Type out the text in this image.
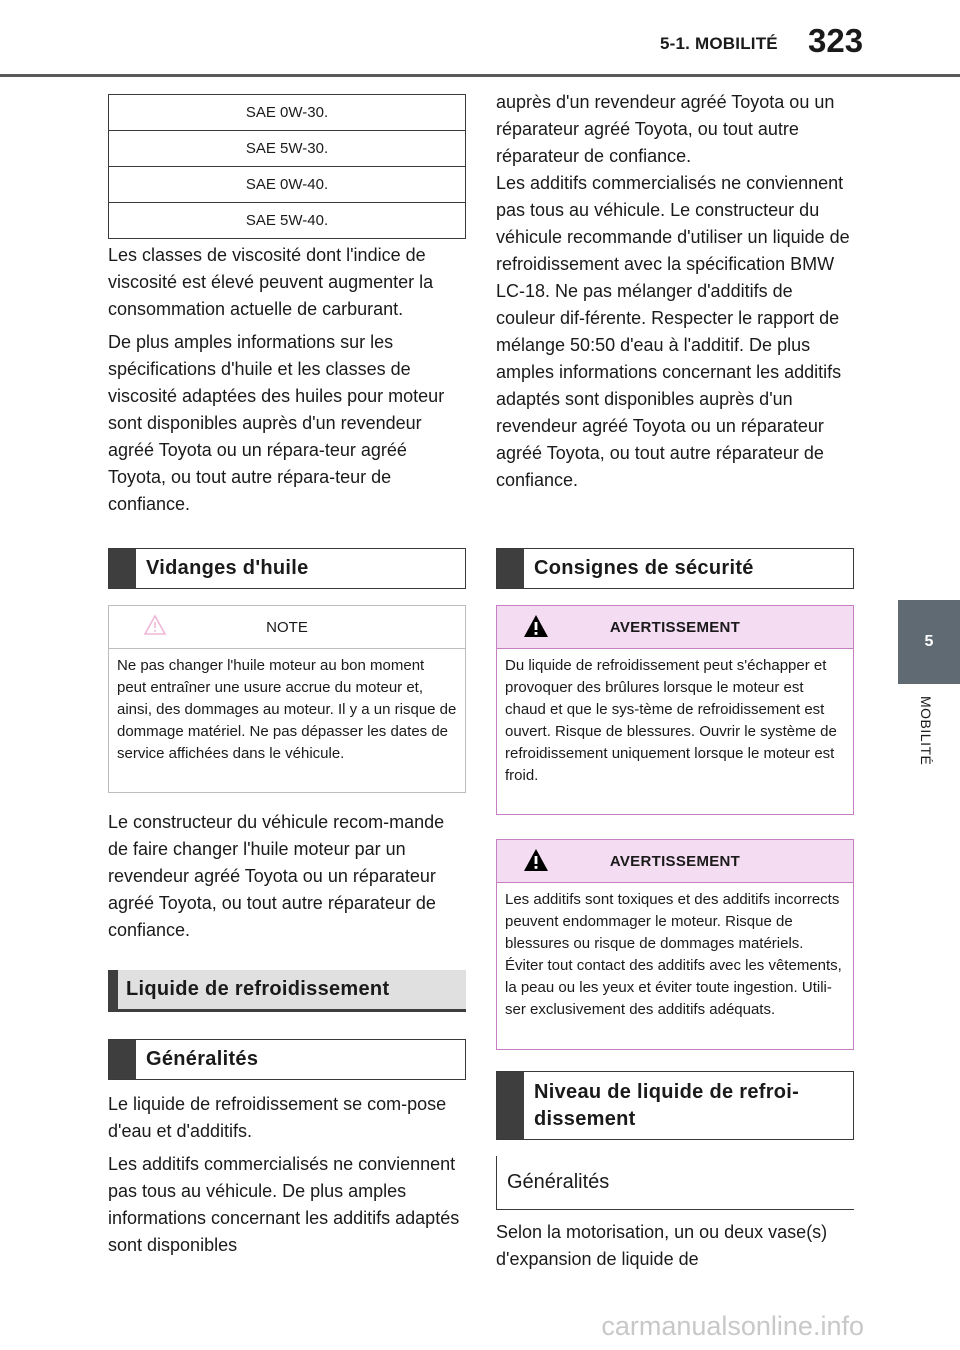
5-1. MOBILITÉ 323
5
MOBILITÉ
SAE 0W-30.
SAE 5W-30.
SAE 0W-40.
SAE 5W-40.

Les classes de viscosité dont l'indice de viscosité est élevé peuvent augmenter la consommation actuelle de carburant.

De plus amples informations sur les spécifications d'huile et les classes de viscosité adaptées des huiles pour moteur sont disponibles auprès d'un revendeur agréé Toyota ou un répara-teur agréé Toyota, ou tout autre répara-teur de confiance.

Vidanges d'huile
NOTE
Ne pas changer l'huile moteur au bon moment peut entraîner une usure accrue du moteur et, ainsi, des dommages au moteur. Il y a un risque de dommage matériel. Ne pas dépasser les dates de service affichées dans le véhicule.

Le constructeur du véhicule recom-mande de faire changer l'huile moteur par un revendeur agréé Toyota ou un réparateur agréé Toyota, ou tout autre réparateur de confiance.

Liquide de refroidissement
Généralités

Le liquide de refroidissement se com-pose d'eau et d'additifs.

Les additifs commercialisés ne conviennent pas tous au véhicule. De plus amples informations concernant les additifs adaptés sont disponibles

auprès d'un revendeur agréé Toyota ou un réparateur agréé Toyota, ou tout autre réparateur de confiance.

Les additifs commercialisés ne conviennent pas tous au véhicule. Le constructeur du véhicule recommande d'utiliser un liquide de refroidissement avec la spécification BMW LC-18. Ne pas mélanger d'additifs de couleur dif-férente. Respecter le rapport de mélange 50:50 d'eau à l'additif. De plus amples informations concernant les additifs adaptés sont disponibles auprès d'un revendeur agréé Toyota ou un réparateur agréé Toyota, ou tout autre réparateur de confiance.

Consignes de sécurité
AVERTISSEMENT
Du liquide de refroidissement peut s'échapper et provoquer des brûlures lorsque le moteur est chaud et que le sys-tème de refroidissement est ouvert. Risque de blessures. Ouvrir le système de refroidissement uniquement lorsque le moteur est froid.
AVERTISSEMENT
Les additifs sont toxiques et des additifs incorrects peuvent endommager le moteur. Risque de blessures ou risque de dommages matériels. Éviter tout contact des additifs avec les vêtements, la peau ou les yeux et éviter toute ingestion. Utili-ser exclusivement des additifs adéquats.
Niveau de liquide de refroi-dissement
Généralités

Selon la motorisation, un ou deux vase(s) d'expansion de liquide de

carmanualsonline.info
